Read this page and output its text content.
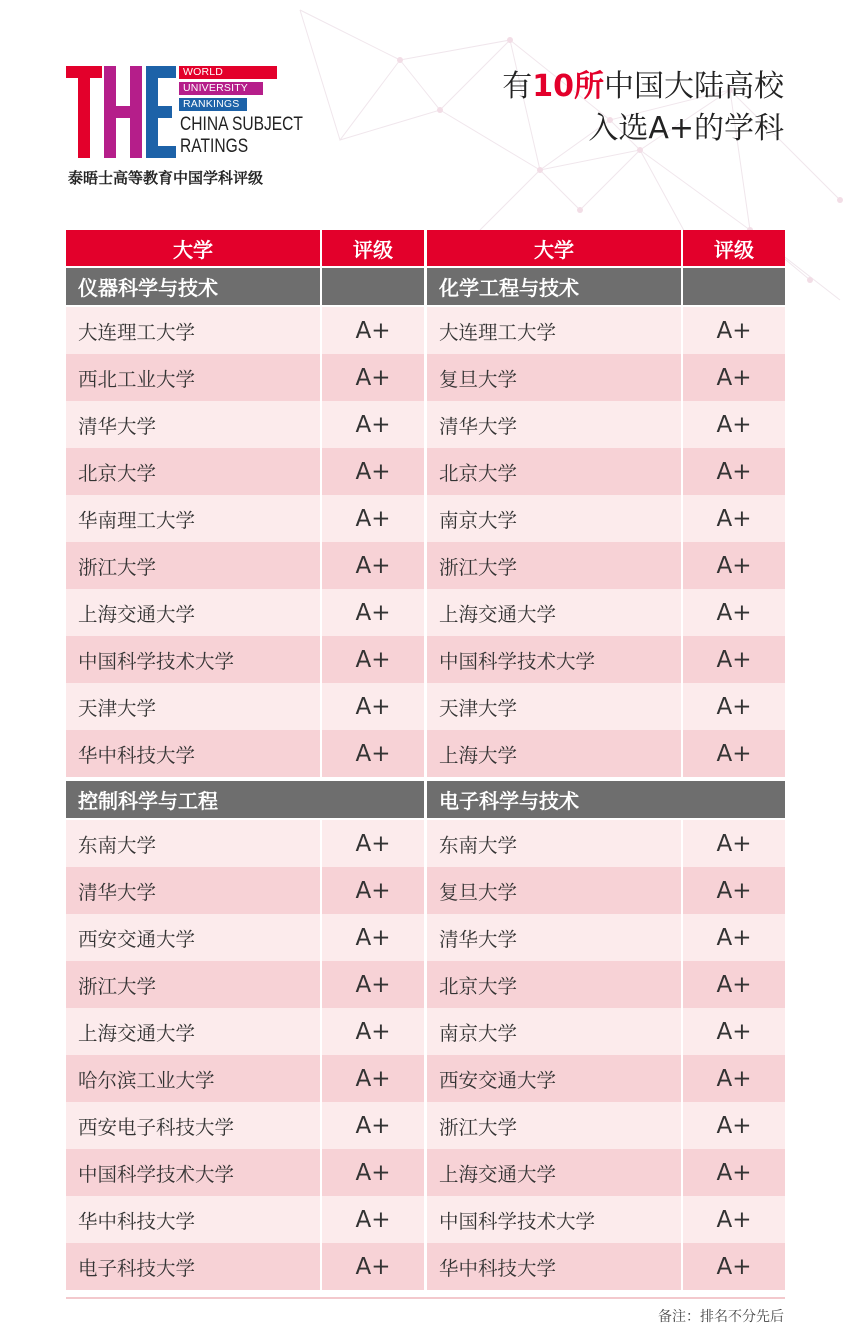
WORLD
UNIVERSITY
RANKINGS
CHINA SUBJECT
RATINGS
泰晤士高等教育中国学科评级
有10所中国大陆高校
入选A+的学科
大学	评级
仪器科学与技术
大连理工大学	A+
西北工业大学	A+
清华大学	A+
北京大学	A+
华南理工大学	A+
浙江大学	A+
上海交通大学	A+
中国科学技术大学	A+
天津大学	A+
华中科技大学	A+
控制科学与工程
东南大学	A+
清华大学	A+
西安交通大学	A+
浙江大学	A+
上海交通大学	A+
哈尔滨工业大学	A+
西安电子科技大学	A+
中国科学技术大学	A+
华中科技大学	A+
电子科技大学	A+
大学	评级
化学工程与技术
大连理工大学	A+
复旦大学	A+
清华大学	A+
北京大学	A+
南京大学	A+
浙江大学	A+
上海交通大学	A+
中国科学技术大学	A+
天津大学	A+
上海大学	A+
电子科学与技术
东南大学	A+
复旦大学	A+
清华大学	A+
北京大学	A+
南京大学	A+
西安交通大学	A+
浙江大学	A+
上海交通大学	A+
中国科学技术大学	A+
华中科技大学	A+
备注：排名不分先后
